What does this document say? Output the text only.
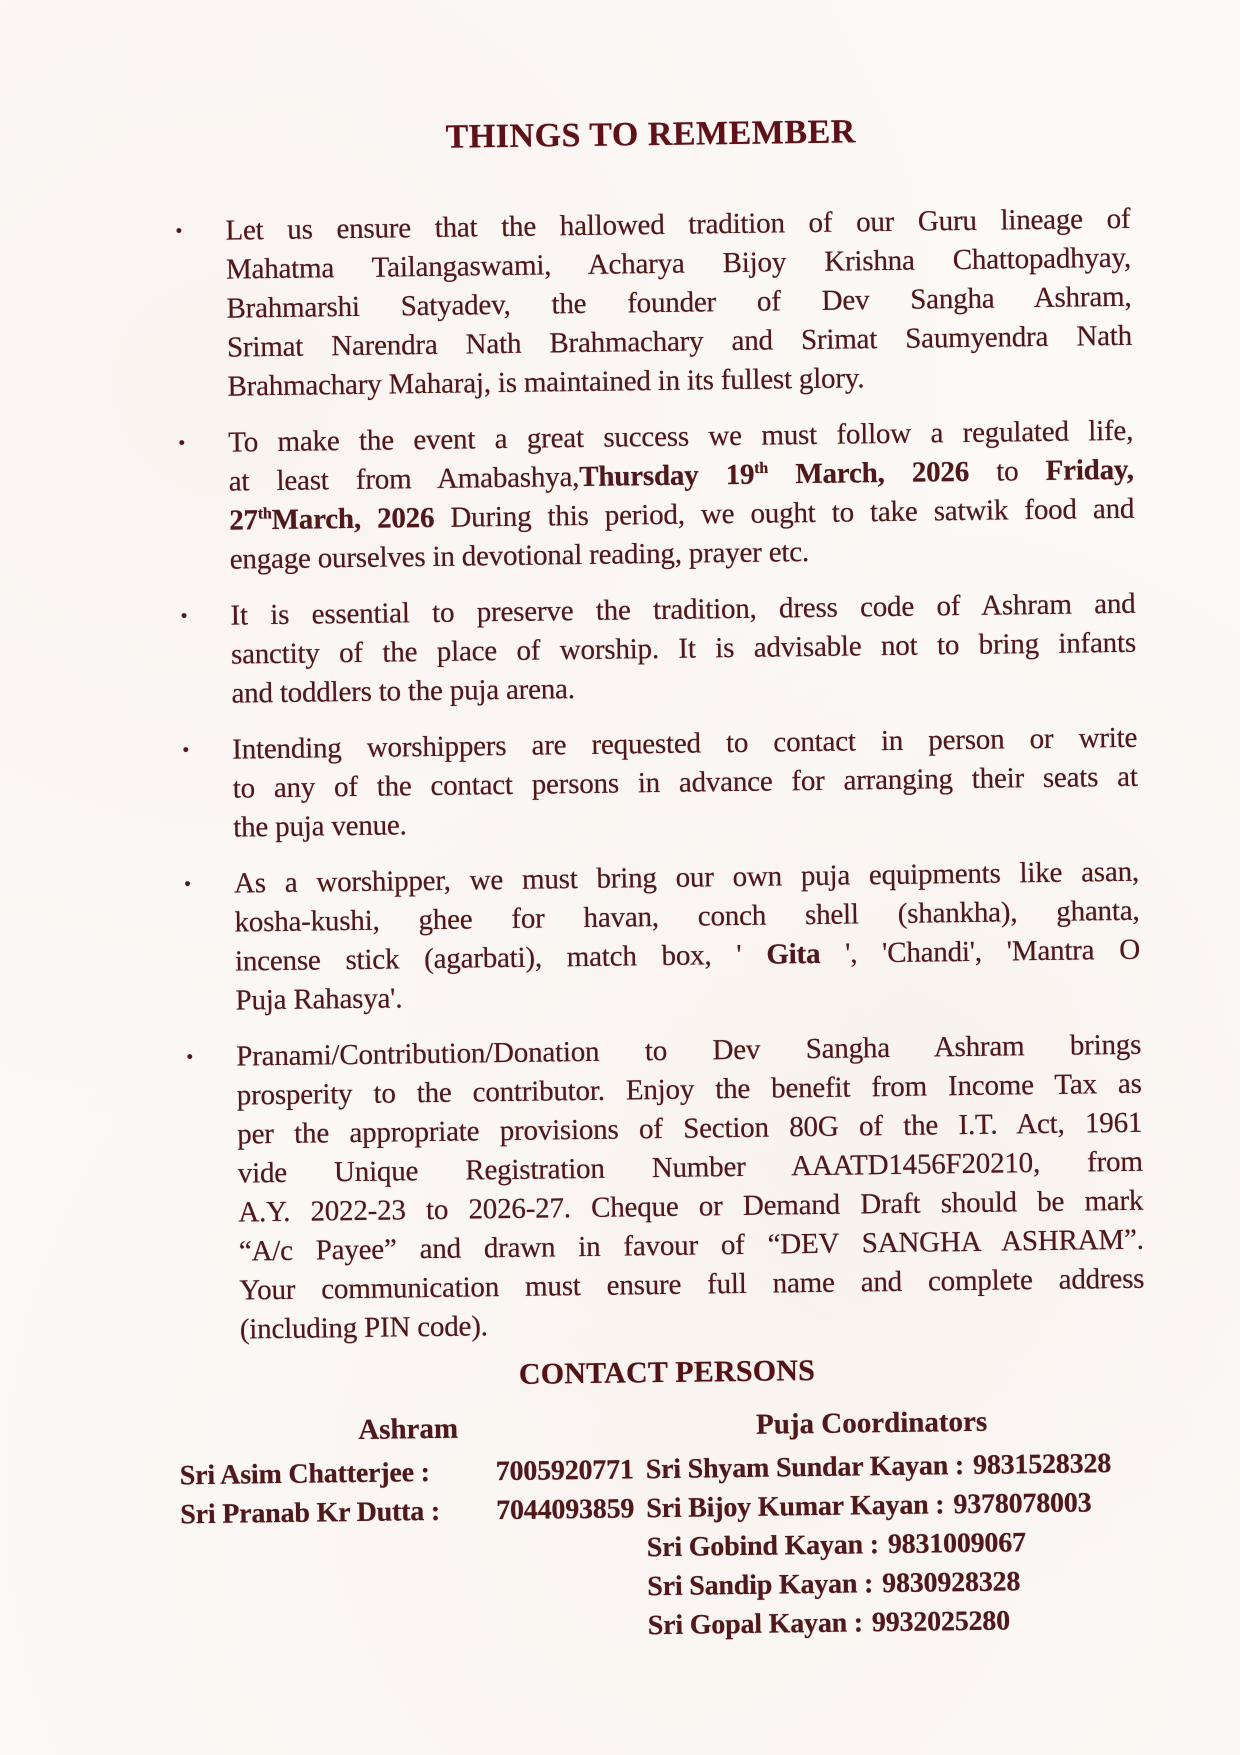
THINGS TO REMEMBER
•	Let us ensure that the hallowed tradition of our Guru lineage of
Mahatma Tailangaswami, Acharya Bijoy Krishna Chattopadhyay,
Brahmarshi Satyadev, the founder of Dev Sangha Ashram,
Srimat Narendra Nath Brahmachary and Srimat Saumyendra Nath
Brahmachary Maharaj, is maintained in its fullest glory.
•	To make the event a great success we must follow a regulated life,
at least from Amabashya,Thursday 19th March, 2026 to Friday,
27thMarch, 2026 During this period, we ought to take satwik food and
engage ourselves in devotional reading, prayer etc.
•	It is essential to preserve the tradition, dress code of Ashram and
sanctity of the place of worship. It is advisable not to bring infants
and toddlers to the puja arena.
•	Intending worshippers are requested to contact in person or write
to any of the contact persons in advance for arranging their seats at
the puja venue.
•	As a worshipper, we must bring our own puja equipments like asan,
kosha-kushi, ghee for havan, conch shell (shankha), ghanta,
incense stick (agarbati), match box, ' Gita ', 'Chandi', 'Mantra O
Puja Rahasya'.
•	Pranami/Contribution/Donation to Dev Sangha Ashram brings
prosperity to the contributor. Enjoy the benefit from Income Tax as
per the appropriate provisions of Section 80G of the I.T. Act, 1961
vide Unique Registration Number AAATD1456F20210, from
A.Y. 2022-23 to 2026-27. Cheque or Demand Draft should be mark
“A/c Payee” and drawn in favour of “DEV SANGHA ASHRAM”.
Your communication must ensure full name and complete address
(including PIN code).
CONTACT PERSONS
Ashram
Sri Asim Chatterjee : 7005920771
Sri Pranab Kr Dutta : 7044093859
Puja Coordinators
Sri Shyam Sundar Kayan : 9831528328
Sri Bijoy Kumar Kayan : 9378078003
Sri Gobind Kayan : 9831009067
Sri Sandip Kayan : 9830928328
Sri Gopal Kayan : 9932025280
